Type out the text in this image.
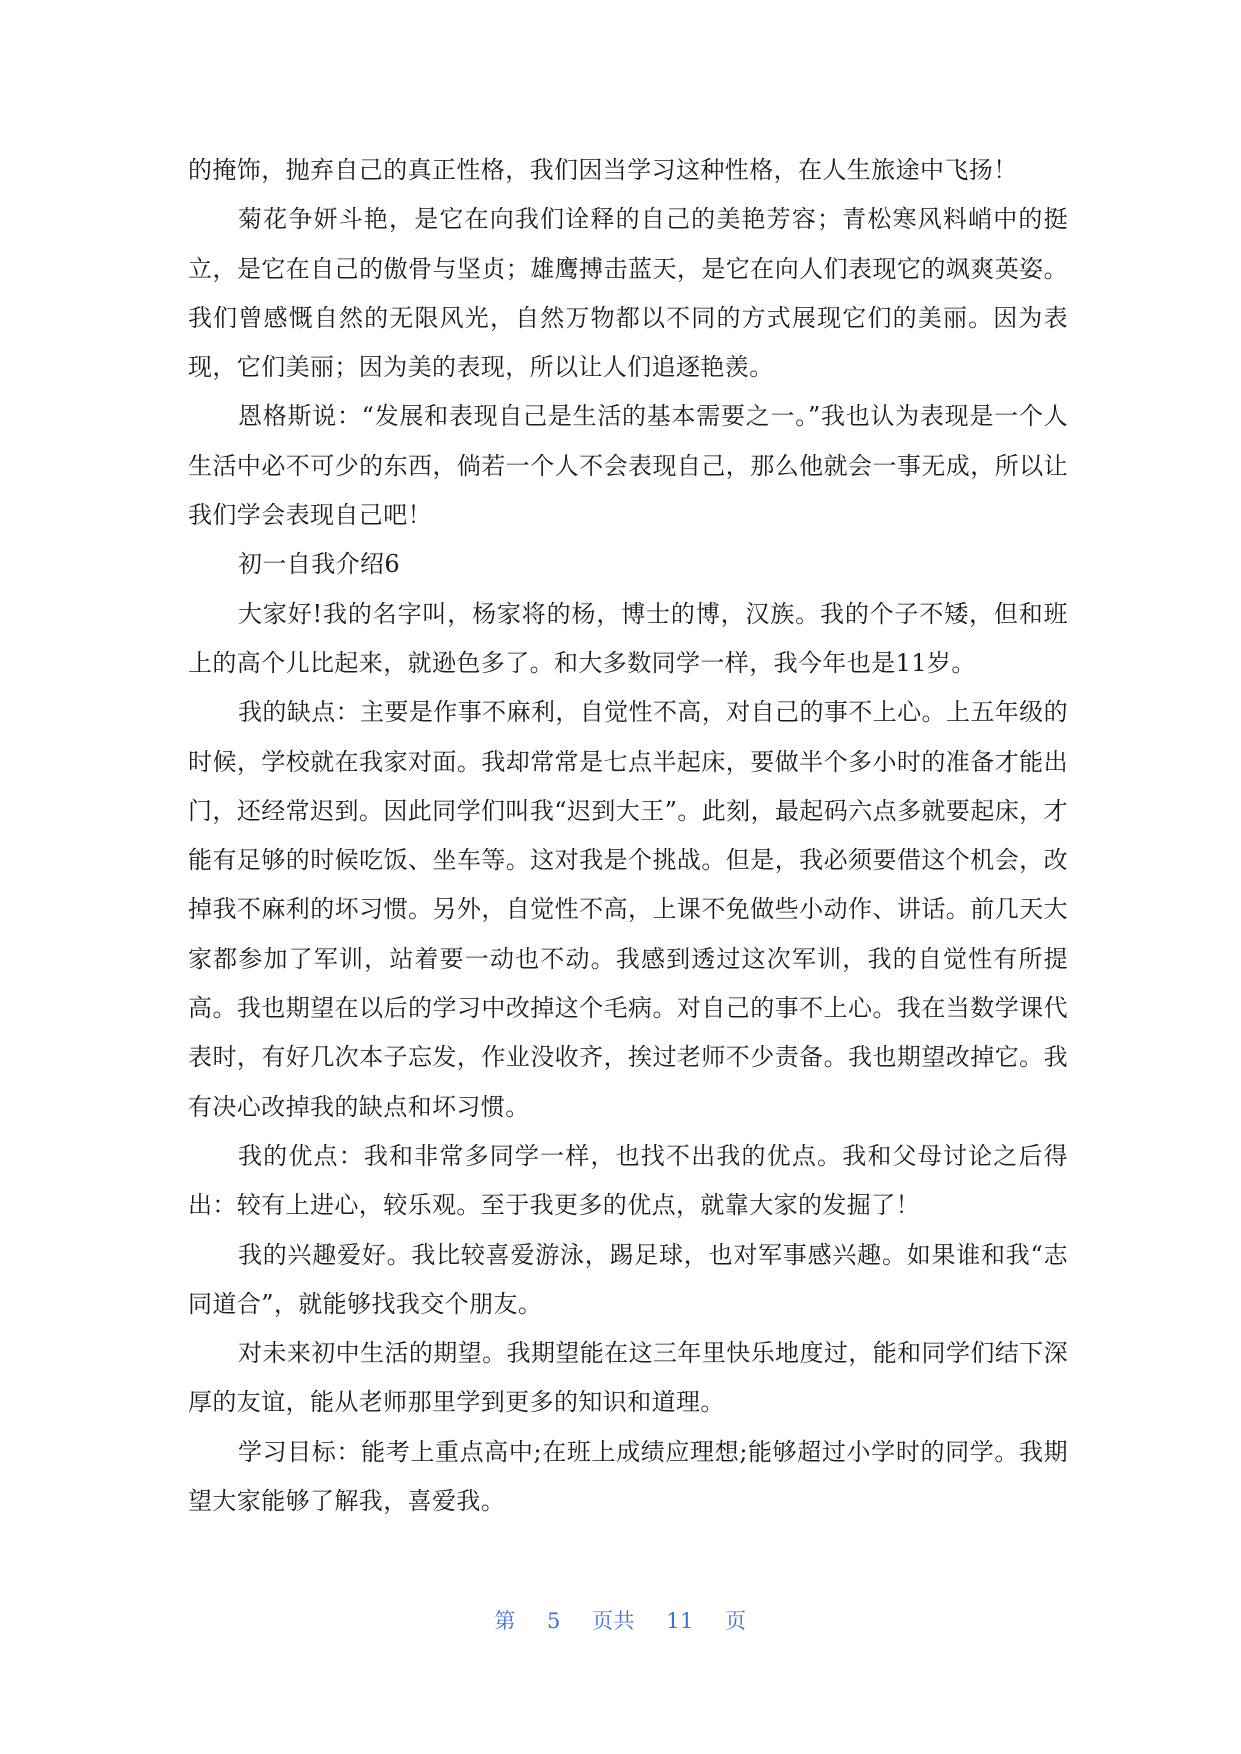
的掩饰，抛弃自己的真正性格，我们因当学习这种性格，在人生旅途中飞扬！

菊花争妍斗艳，是它在向我们诠释的自己的美艳芳容；青松寒风料峭中的挺立，是它在自己的傲骨与坚贞；雄鹰搏击蓝天，是它在向人们表现它的飒爽英姿。我们曾感慨自然的无限风光，自然万物都以不同的方式展现它们的美丽。因为表现，它们美丽；因为美的表现，所以让人们追逐艳羡。

恩格斯说：“发展和表现自己是生活的基本需要之一。”我也认为表现是一个人生活中必不可少的东西，倘若一个人不会表现自己，那么他就会一事无成，所以让我们学会表现自己吧！

初一自我介绍6

大家好!我的名字叫，杨家将的杨，博士的博，汉族。我的个子不矮，但和班上的高个儿比起来，就逊色多了。和大多数同学一样，我今年也是11岁。

我的缺点：主要是作事不麻利，自觉性不高，对自己的事不上心。上五年级的时候，学校就在我家对面。我却常常是七点半起床，要做半个多小时的准备才能出门，还经常迟到。因此同学们叫我“迟到大王”。此刻，最起码六点多就要起床，才能有足够的时候吃饭、坐车等。这对我是个挑战。但是，我必须要借这个机会，改掉我不麻利的坏习惯。另外，自觉性不高，上课不免做些小动作、讲话。前几天大家都参加了军训，站着要一动也不动。我感到透过这次军训，我的自觉性有所提高。我也期望在以后的学习中改掉这个毛病。对自己的事不上心。我在当数学课代表时，有好几次本子忘发，作业没收齐，挨过老师不少责备。我也期望改掉它。我有决心改掉我的缺点和坏习惯。

我的优点：我和非常多同学一样，也找不出我的优点。我和父母讨论之后得出：较有上进心，较乐观。至于我更多的优点，就靠大家的发掘了！

我的兴趣爱好。我比较喜爱游泳，踢足球，也对军事感兴趣。如果谁和我“志同道合”，就能够找我交个朋友。

对未来初中生活的期望。我期望能在这三年里快乐地度过，能和同学们结下深厚的友谊，能从老师那里学到更多的知识和道理。

学习目标：能考上重点高中;在班上成绩应理想;能够超过小学时的同学。我期望大家能够了解我，喜爱我。

第 5 页共 11 页
